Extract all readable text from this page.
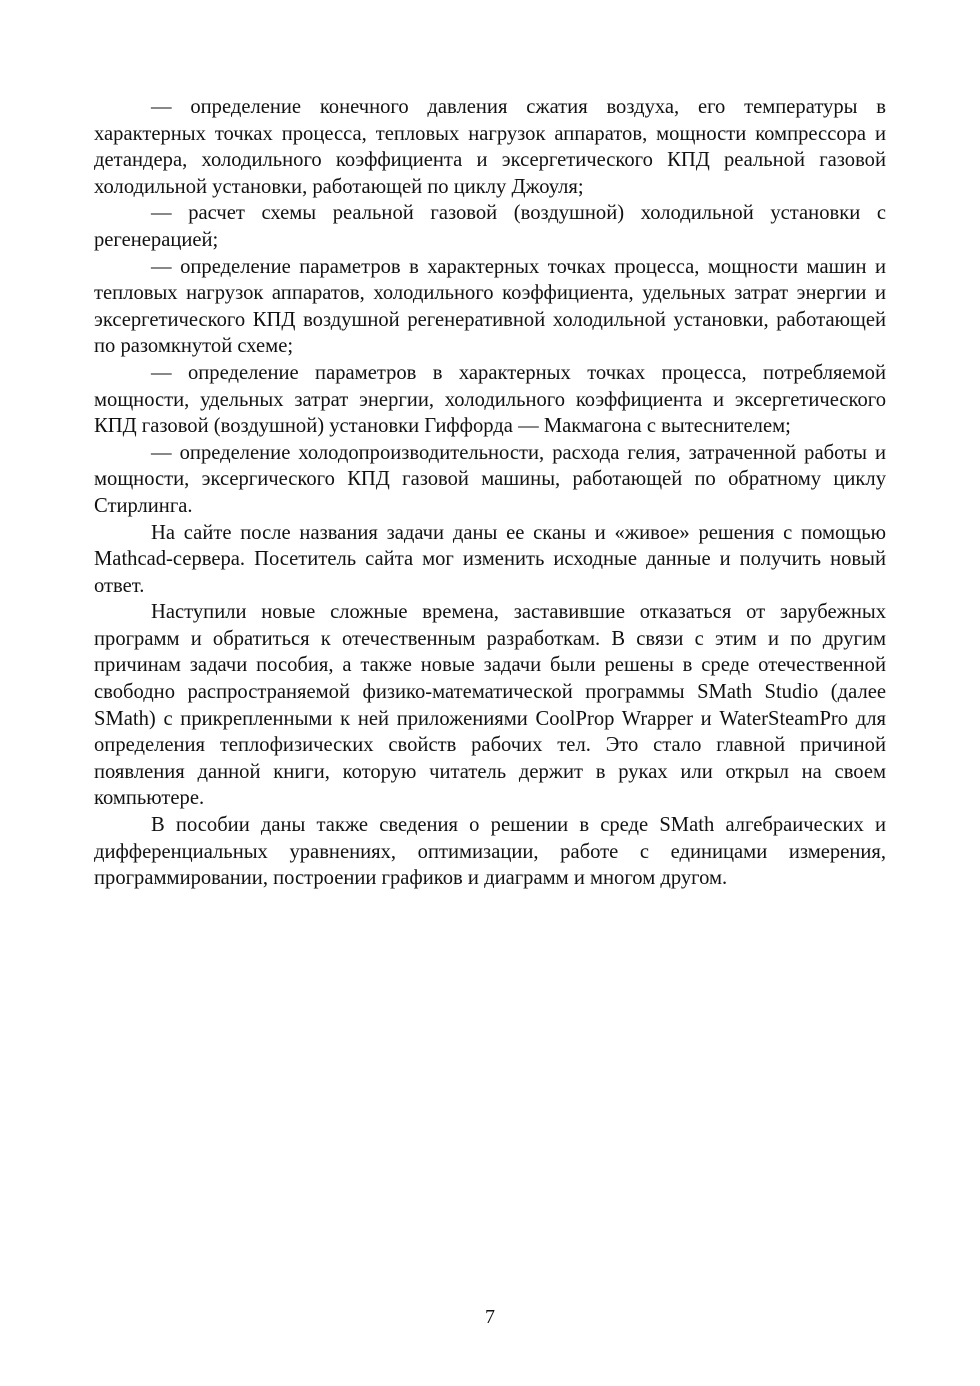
— определение конечного давления сжатия воздуха, его температуры в характерных точках процесса, тепловых нагрузок аппаратов, мощности компрессора и детандера, холодильного коэффициента и эксергетического КПД реальной газовой холодильной установки, работающей по циклу Джоуля;

— расчет схемы реальной газовой (воздушной) холодильной установки с регенерацией;

— определение параметров в характерных точках процесса, мощности машин и тепловых нагрузок аппаратов, холодильного коэффициента, удельных затрат энергии и эксергетического КПД воздушной регенеративной холодильной установки, работающей по разомкнутой схеме;

— определение параметров в характерных точках процесса, потребляемой мощности, удельных затрат энергии, холодильного коэффициента и эксергетического КПД газовой (воздушной) установки Гиффорда — Макмагона с вытеснителем;

— определение холодопроизводительности, расхода гелия, затраченной работы и мощности, эксергического КПД газовой машины, работающей по обратному циклу Стирлинга.

На сайте после названия задачи даны ее сканы и «живое» решения с помощью Mathcad-сервера. Посетитель сайта мог изменить исходные данные и получить новый ответ.

Наступили новые сложные времена, заставившие отказаться от зарубежных программ и обратиться к отечественным разработкам. В связи с этим и по другим причинам задачи пособия, а также новые задачи были решены в среде отечественной свободно распространяемой физико-математической программы SMath Studio (далее SMath) с прикрепленными к ней приложениями CoolProp Wrapper и WaterSteamPro для определения теплофизических свойств рабочих тел. Это стало главной причиной появления данной книги, которую читатель держит в руках или открыл на своем компьютере.

В пособии даны также сведения о решении в среде SMath алгебраических и дифференциальных уравнениях, оптимизации, работе с единицами измерения, программировании, построении графиков и диаграмм и многом другом.

7
